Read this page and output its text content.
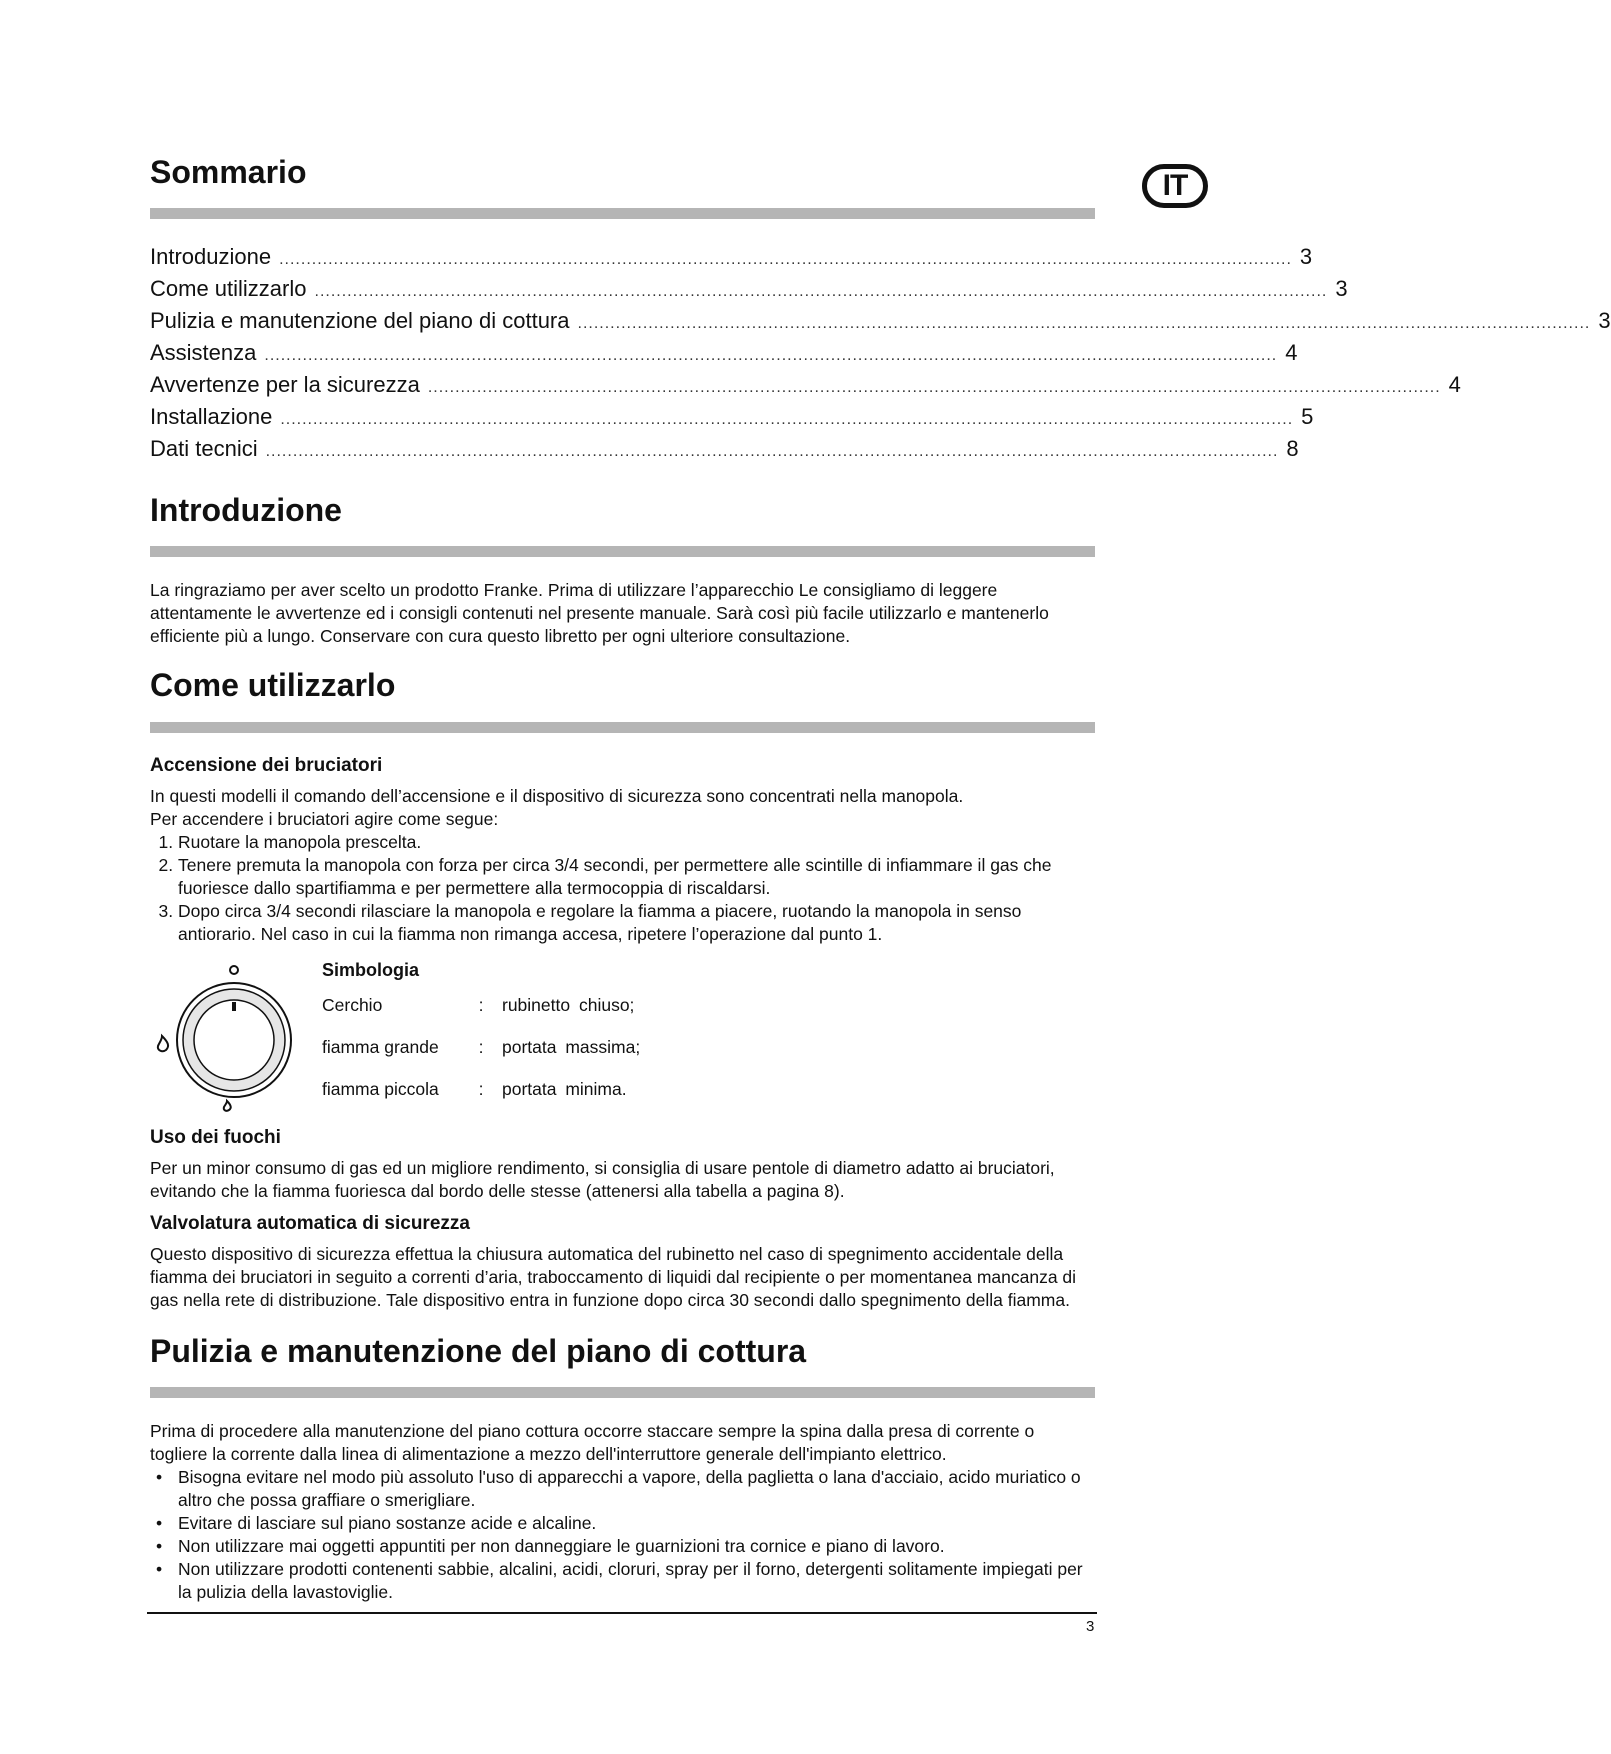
IT
Sommario
Introduzione .......................................................................................................................................................................................... 3
Come utilizzarlo .......................................................................................................................................................................................... 3
Pulizia e manutenzione del piano di cottura .......................................................................................................................................................................................... 3
Assistenza .......................................................................................................................................................................................... 4
Avvertenze per la sicurezza .......................................................................................................................................................................................... 4
Installazione .......................................................................................................................................................................................... 5
Dati tecnici .......................................................................................................................................................................................... 8
Introduzione

La ringraziamo per aver scelto un prodotto Franke. Prima di utilizzare l’apparecchio Le consigliamo di leggere attentamente le avvertenze ed i consigli contenuti nel presente manuale. Sarà così più facile utilizzarlo e mantenerlo efficiente più a lungo. Conservare con cura questo libretto per ogni ulteriore consultazione.

Come utilizzarlo
Accensione dei bruciatori

In questi modelli il comando dell’accensione e il dispositivo di sicurezza sono concentrati nella manopola.

Per accendere i bruciatori agire come segue:

1. Ruotare la manopola prescelta.
2. Tenere premuta la manopola con forza per circa 3/4 secondi, per permettere alle scintille di infiammare il gas che fuoriesce dallo spartifiamma e per permettere alla termocoppia di riscaldarsi.
3. Dopo circa 3/4 secondi rilasciare la manopola e regolare la fiamma a piacere, ruotando la manopola in senso antiorario. Nel caso in cui la fiamma non rimanga accesa, ripetere l’operazione dal punto 1.
Simbologia
Cerchio	:	rubinetto chiuso;
fiamma grande	:	portata massima;
fiamma piccola	:	portata minima.
Uso dei fuochi

Per un minor consumo di gas ed un migliore rendimento, si consiglia di usare pentole di diametro adatto ai bruciatori, evitando che la fiamma fuoriesca dal bordo delle stesse (attenersi alla tabella a pagina 8).

Valvolatura automatica di sicurezza

Questo dispositivo di sicurezza effettua la chiusura automatica del rubinetto nel caso di spegnimento accidentale della fiamma dei bruciatori in seguito a correnti d’aria, traboccamento di liquidi dal recipiente o per momentanea mancanza di gas nella rete di distribuzione. Tale dispositivo entra in funzione dopo circa 30 secondi dallo spegnimento della fiamma.

Pulizia e manutenzione del piano di cottura

Prima di procedere alla manutenzione del piano cottura occorre staccare sempre la spina dalla presa di corrente o togliere la corrente dalla linea di alimentazione a mezzo dell'interruttore generale dell'impianto elettrico.

• Bisogna evitare nel modo più assoluto l'uso di apparecchi a vapore, della paglietta o lana d'acciaio, acido muriatico o altro che possa graffiare o smerigliare.
• Evitare di lasciare sul piano sostanze acide e alcaline.
• Non utilizzare mai oggetti appuntiti per non danneggiare le guarnizioni tra cornice e piano di lavoro.
• Non utilizzare prodotti contenenti sabbie, alcalini, acidi, cloruri, spray per il forno, detergenti solitamente impiegati per la pulizia della lavastoviglie.
3
